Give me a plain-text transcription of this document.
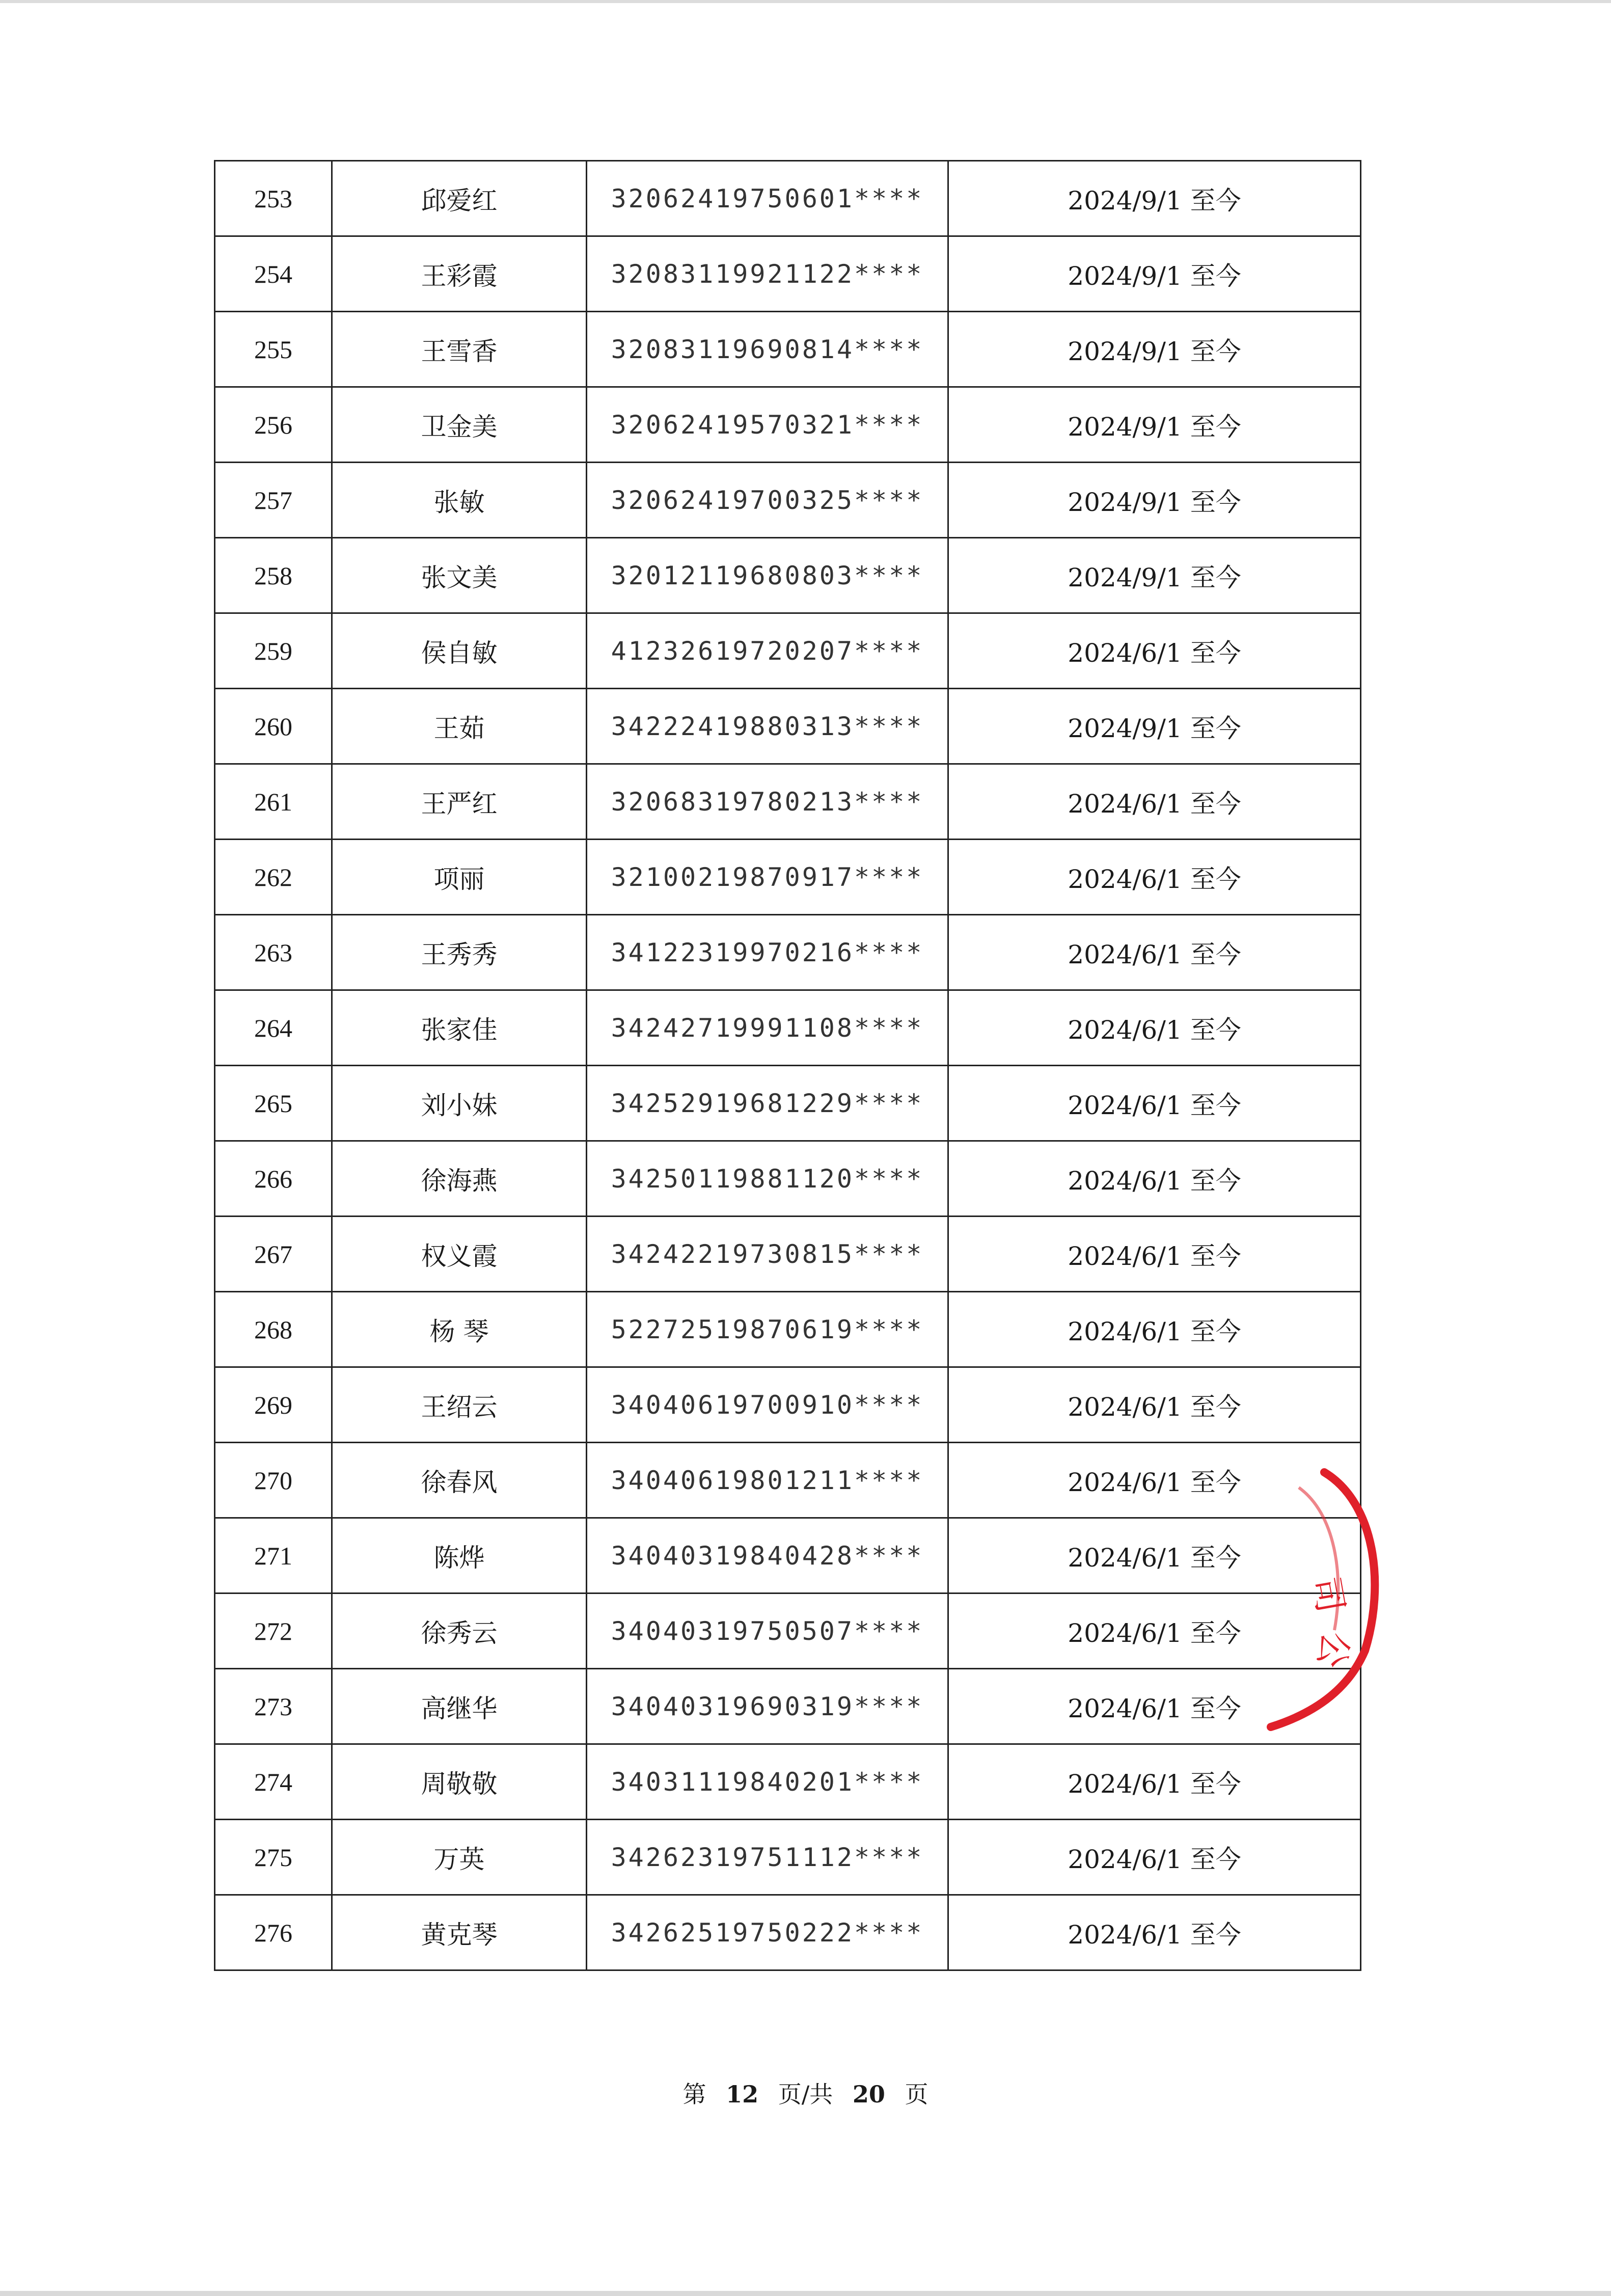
253	邱爱红	32062419750601****	2024/9/1 至今
254	王彩霞	32083119921122****	2024/9/1 至今
255	王雪香	32083119690814****	2024/9/1 至今
256	卫金美	32062419570321****	2024/9/1 至今
257	张敏	32062419700325****	2024/9/1 至今
258	张文美	32012119680803****	2024/9/1 至今
259	侯自敏	41232619720207****	2024/6/1 至今
260	王茹	34222419880313****	2024/9/1 至今
261	王严红	32068319780213****	2024/6/1 至今
262	项丽	32100219870917****	2024/6/1 至今
263	王秀秀	34122319970216****	2024/6/1 至今
264	张家佳	34242719991108****	2024/6/1 至今
265	刘小妹	34252919681229****	2024/6/1 至今
266	徐海燕	34250119881120****	2024/6/1 至今
267	权义霞	34242219730815****	2024/6/1 至今
268	杨 琴	52272519870619****	2024/6/1 至今
269	王绍云	34040619700910****	2024/6/1 至今
270	徐春风	34040619801211****	2024/6/1 至今
271	陈烨	34040319840428****	2024/6/1 至今
272	徐秀云	34040319750507****	2024/6/1 至今
273	高继华	34040319690319****	2024/6/1 至今
274	周敬敬	34031119840201****	2024/6/1 至今
275	万英	34262319751112****	2024/6/1 至今
276	黄克琴	34262519750222****	2024/6/1 至今
司
公
第 12 页/共 20 页
